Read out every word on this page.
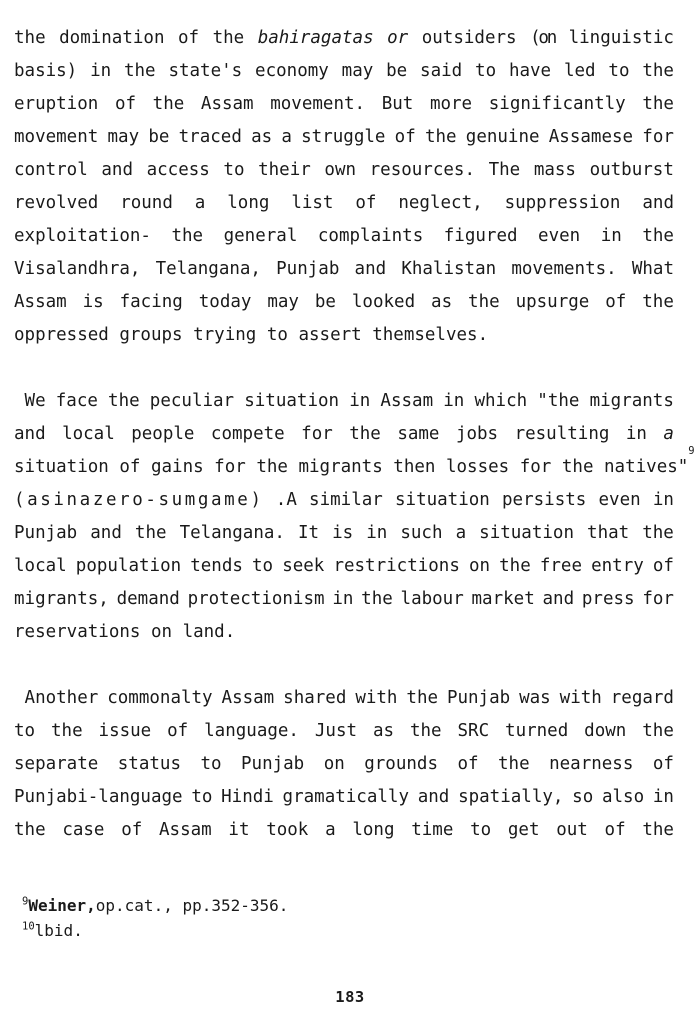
the domination of the bahiragatas or outsiders (on linguistic
basis) in the state's economy may be said to have led to the
eruption of the Assam movement. But more significantly the
movement may be traced as a struggle of the genuine Assamese for
control and access to their own resources. The mass outburst
revolved round a long list of neglect, suppression and
exploitation- the general complaints figured even in the
Visalandhra, Telangana, Punjab and Khalistan movements. What
Assam is facing today may be looked as the upsurge of the
oppressed groups trying to assert themselves.
We face the peculiar situation in Assam in which "the migrants
and local people compete for the same jobs resulting in a
situation of gains for the migrants then losses for the natives"
9
(asinazero-sumgame) .A similar situation persists even in
Punjab and the Telangana. It is in such a situation that the
local population tends to seek restrictions on the free entry of
migrants, demand protectionism in the labour market and press for
reservations on land.
Another commonalty Assam shared with the Punjab was with regard
to the issue of language. Just as the SRC turned down the
separate status to Punjab on grounds of the nearness of
Punjabi-language to Hindi gramatically and spatially, so also in
the case of Assam it took a long time to get out of the
$^9$Weiner,op.cat., pp.352-356.
$^{10}$lbid.
183
